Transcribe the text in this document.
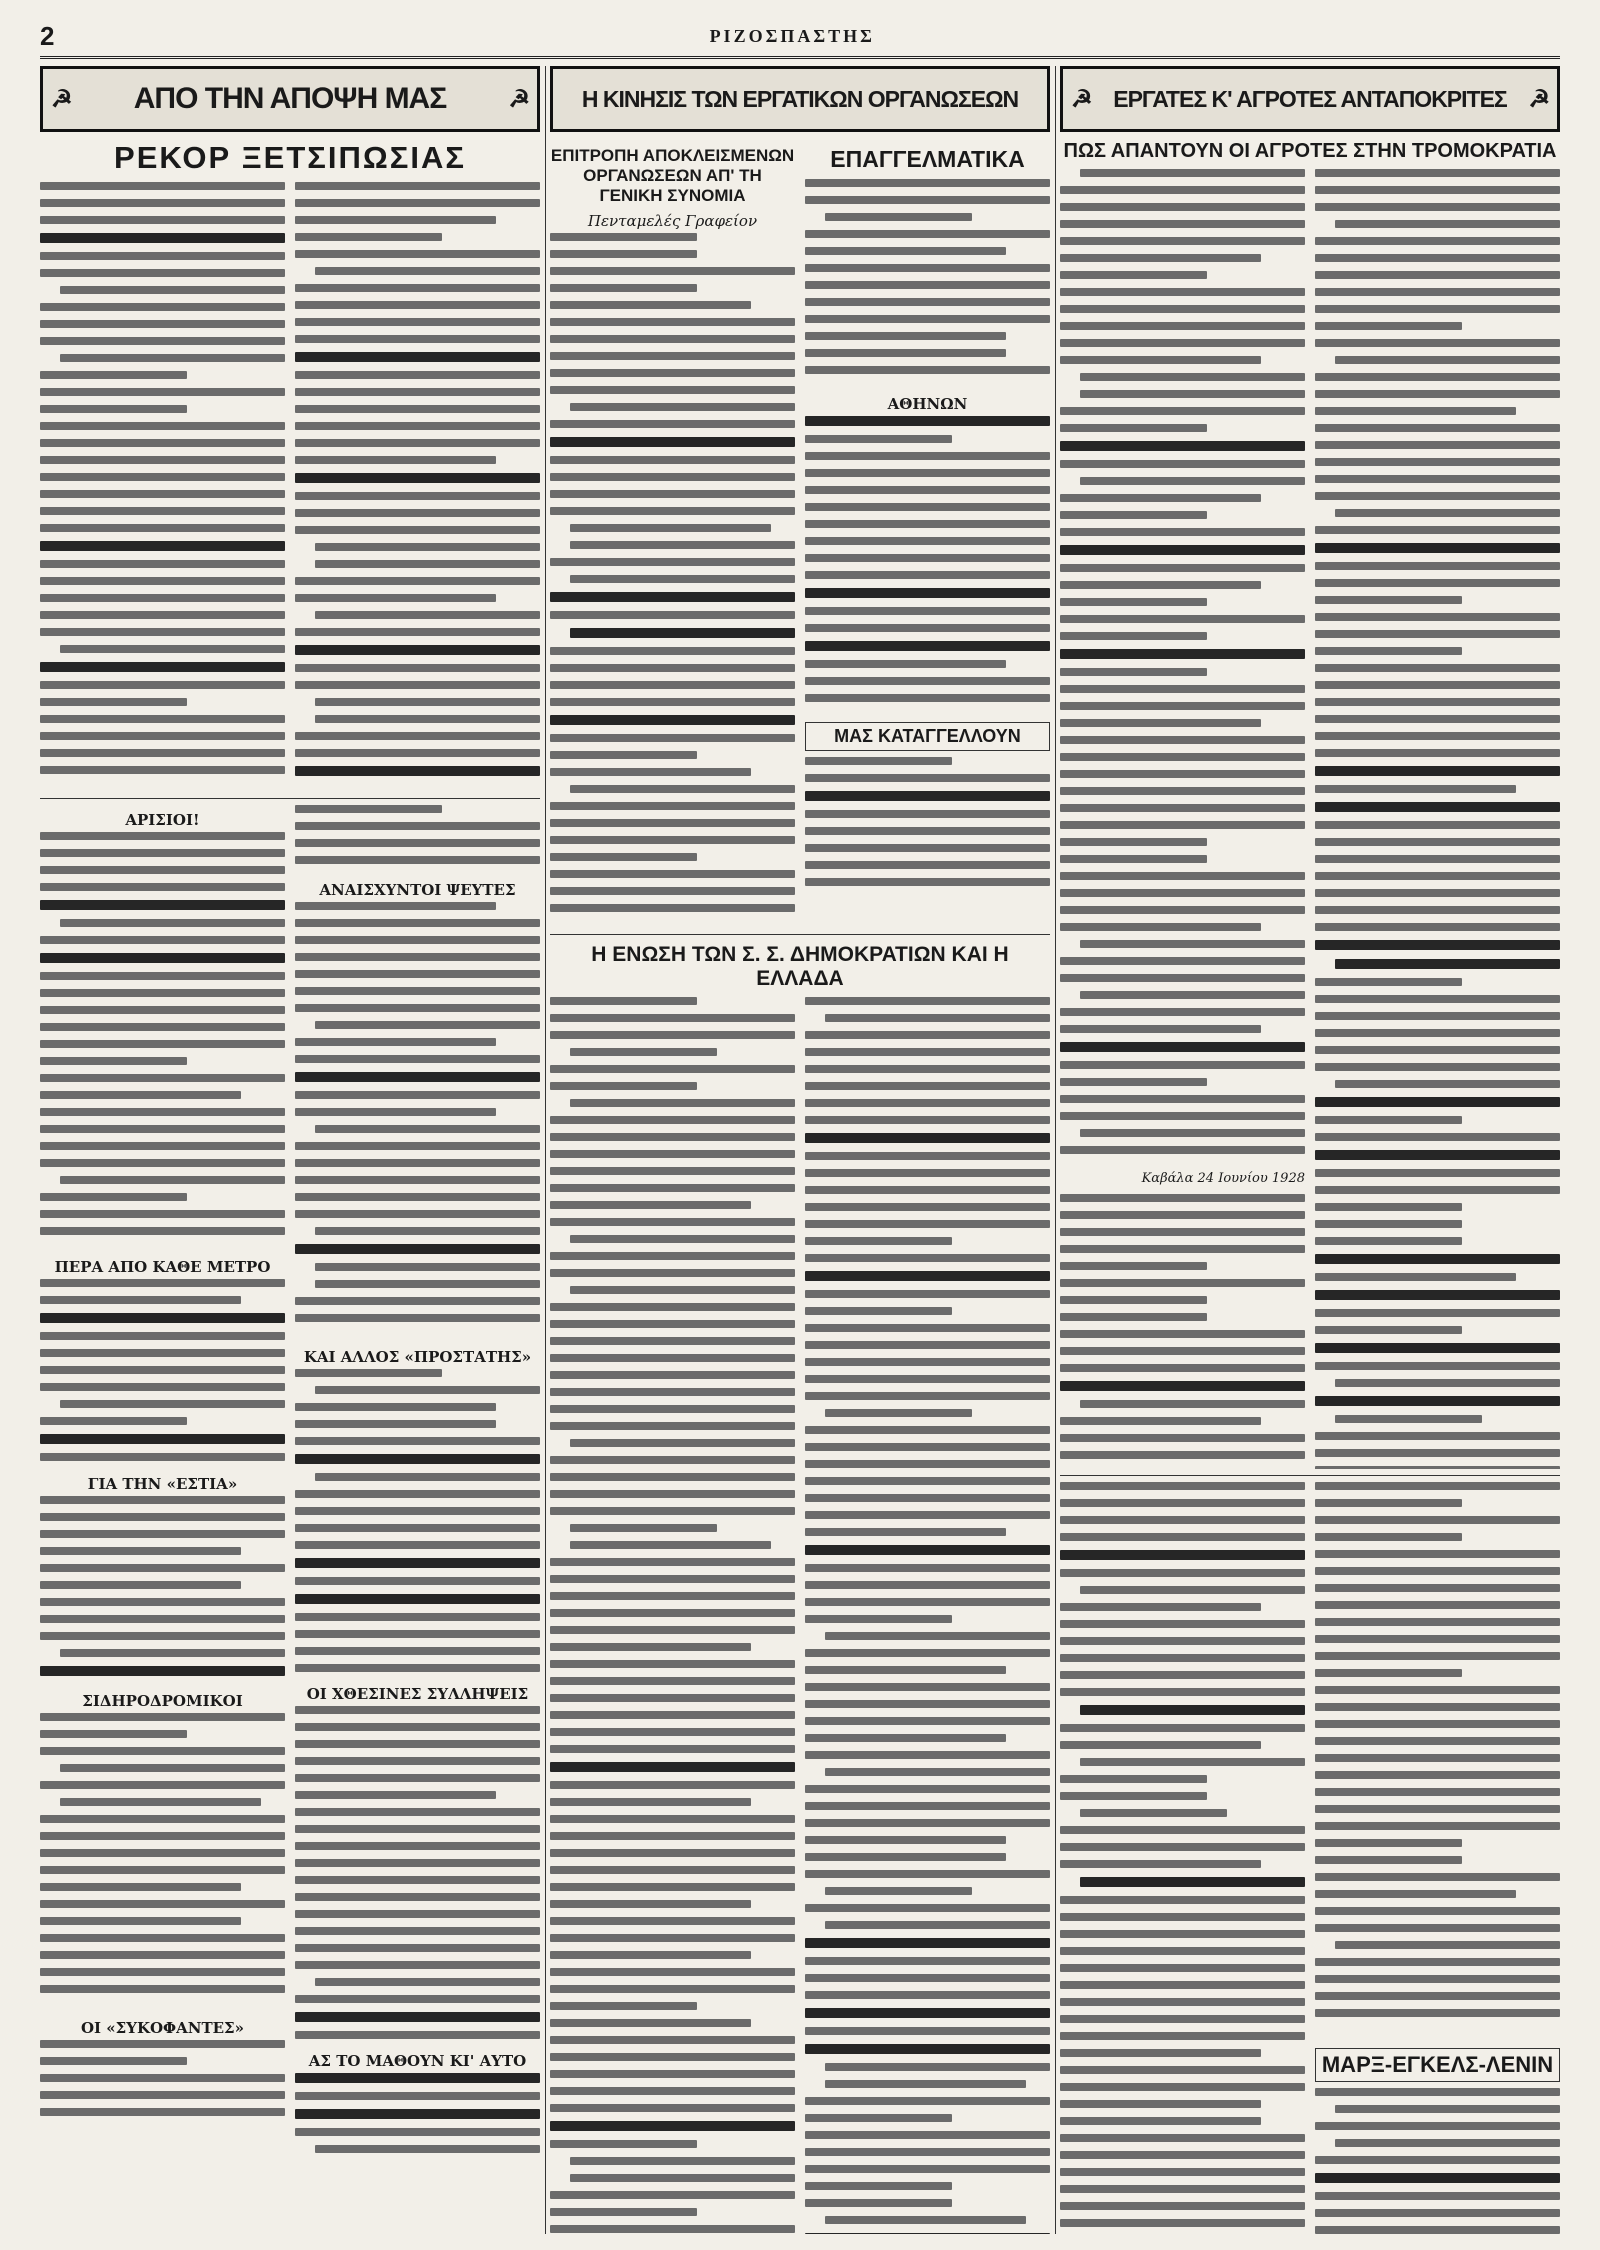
2	ΡΙΖΟΣΠΑΣΤΗΣ
☭ ΑΠΟ ΤΗΝ ΑΠΟΨΗ ΜΑΣ	☭
ΡΕΚΟΡ ΞΕΤΣΙΠΩΣΙΑΣ
ΑΡΙΣΙΟΙ!
ΠΕΡΑ ΑΠΟ ΚΑΘΕ ΜΕΤΡΟ
ΓΙΑ ΤΗΝ «ΕΣΤΙΑ»
ΣΙΔΗΡΟΔΡΟΜΙΚΟΙ
ΟΙ «ΣΥΚΟΦΑΝΤΕΣ»
ΑΝΑΙΣΧΥΝΤΟΙ ΨΕΥΤΕΣ
ΚΑΙ ΑΛΛΟΣ «ΠΡΟΣΤΑΤΗΣ»
ΟΙ ΧΘΕΣΙΝΕΣ ΣΥΛΛΗΨΕΙΣ
ΑΣ ΤΟ ΜΑΘΟΥΝ ΚΙ' ΑΥΤΟ
Η ΚΙΝΗΣΙΣ ΤΩΝ ΕΡΓΑΤΙΚΩΝ ΟΡΓΑΝΩΣΕΩΝ
ΕΠΙΤΡΟΠΗ ΑΠΟΚΛΕΙΣΜΕΝΩΝ ΟΡΓΑΝΩΣΕΩΝ ΑΠ' ΤΗ ΓΕΝΙΚΗ ΣΥΝΟΜΙΑ
Πενταμελές Γραφείον
ΕΠΑΓΓΕΛΜΑΤΙΚΑ
ΑΘΗΝΩΝ
ΜΑΣ ΚΑΤΑΓΓΕΛΛΟΥΝ
Η ΕΝΩΣΗ ΤΩΝ Σ. Σ. ΔΗΜΟΚΡΑΤΙΩΝ ΚΑΙ Η ΕΛΛΑΔΑ
☭ ΕΡΓΑΤΕΣ Κ' ΑΓΡΟΤΕΣ ΑΝΤΑΠΟΚΡΙΤΕΣ ☭
ΠΩΣ ΑΠΑΝΤΟΥΝ ΟΙ ΑΓΡΟΤΕΣ ΣΤΗΝ ΤΡΟΜΟΚΡΑΤΙΑ
Καβάλα 24 Ιουνίου 1928
ΜΑΡΞ-ΕΓΚΕΛΣ-ΛΕΝΙΝ
